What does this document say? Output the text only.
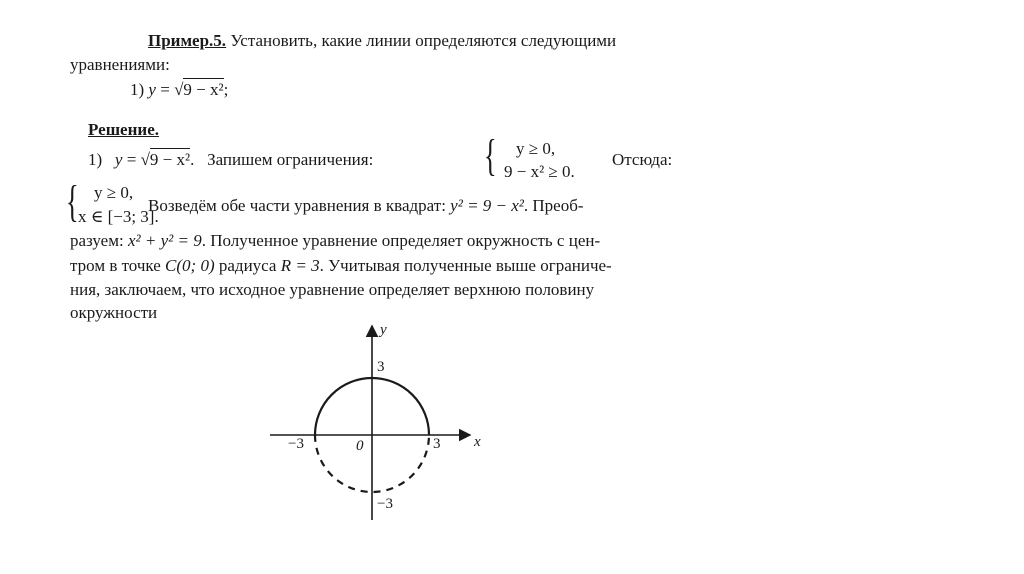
Пример.5. Установить, какие линии определяются следующими
уравнениями:
1) y = √9 − x²;
Решение.
1) y = √9 − x². Запишем ограничения:	{ y ≥ 0,
9 − x² ≥ 0.
Отсюда:
{ y ≥ 0,
x ∈ [−3; 3].
Возведём обе части уравнения в квадрат: y² = 9 − x². Преоб-
разуем: x² + y² = 9. Полученное уравнение определяет окружность с цен-
тром в точке C(0; 0) радиуса R = 3. Учитывая полученные выше ограниче-
ния, заключаем, что исходное уравнение определяет верхнюю половину
окружности
y
x
0
−3	3
3
−3
